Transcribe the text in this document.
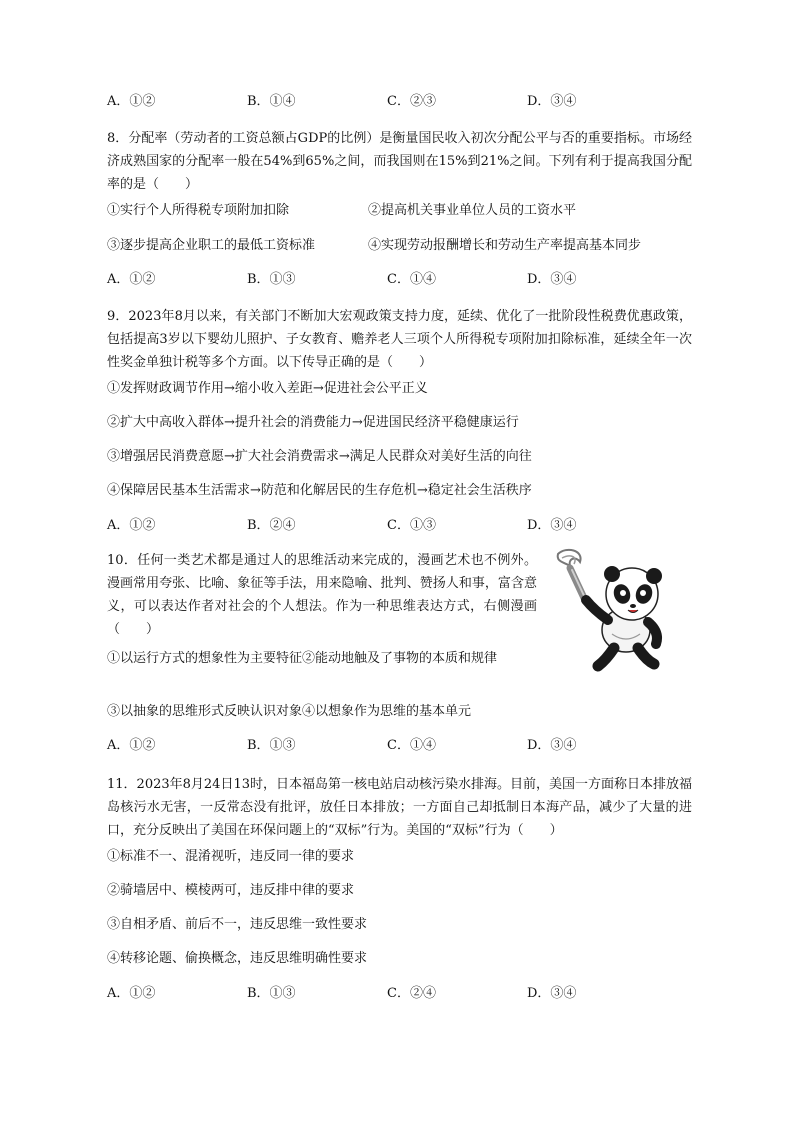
A．①②	B．①④	C．②③	D．③④

8．分配率（劳动者的工资总额占GDP的比例）是衡量国民收入初次分配公平与否的重要指标。市场经济成熟国家的分配率一般在54%到65%之间，而我国则在15%到21%之间。下列有利于提高我国分配率的是（　　）

①实行个人所得税专项附加扣除	②提高机关事业单位人员的工资水平
③逐步提高企业职工的最低工资标准	④实现劳动报酬增长和劳动生产率提高基本同步
A．①②	B．①③	C．①④	D．③④

9．2023年8月以来，有关部门不断加大宏观政策支持力度，延续、优化了一批阶段性税费优惠政策，包括提高3岁以下婴幼儿照护、子女教育、赡养老人三项个人所得税专项附加扣除标准，延续全年一次性奖金单独计税等多个方面。以下传导正确的是（　　）

①发挥财政调节作用→缩小收入差距→促进社会公平正义
②扩大中高收入群体→提升社会的消费能力→促进国民经济平稳健康运行
③增强居民消费意愿→扩大社会消费需求→满足人民群众对美好生活的向往
④保障居民基本生活需求→防范和化解居民的生存危机→稳定社会生活秩序
A．①②	B．②④	C．①③	D．③④

10．任何一类艺术都是通过人的思维活动来完成的，漫画艺术也不例外。漫画常用夸张、比喻、象征等手法，用来隐喻、批判、赞扬人和事，富含意义，可以表达作者对社会的个人想法。作为一种思维表达方式，右侧漫画（　　）

①以运行方式的想象性为主要特征②能动地触及了事物的本质和规律
③以抽象的思维形式反映认识对象④以想象作为思维的基本单元
A．①②	B．①③	C．①④	D．③④

11．2023年8月24日13时，日本福岛第一核电站启动核污染水排海。目前，美国一方面称日本排放福岛核污水无害，一反常态没有批评，放任日本排放；一方面自己却抵制日本海产品，减少了大量的进口，充分反映出了美国在环保问题上的“双标”行为。美国的“双标”行为（　　）

①标准不一、混淆视听，违反同一律的要求
②骑墙居中、模棱两可，违反排中律的要求
③自相矛盾、前后不一，违反思维一致性要求
④转移论题、偷换概念，违反思维明确性要求
A．①②	B．①③	C．②④	D．③④
